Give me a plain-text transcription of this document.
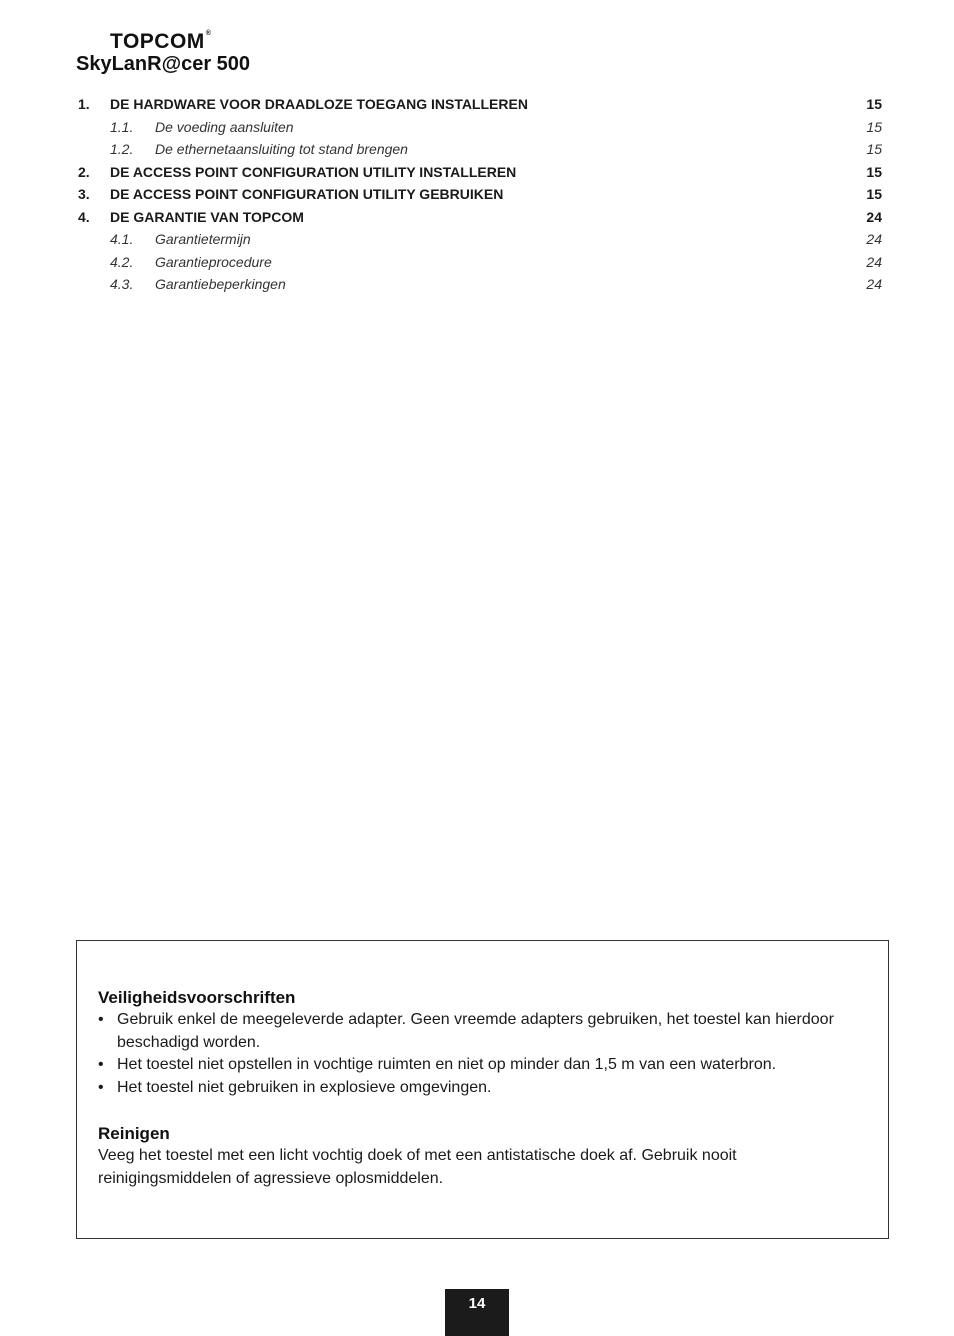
TOPCOM®
SkyLanR@cer 500
1. DE HARDWARE VOOR DRAADLOZE TOEGANG INSTALLEREN	15
1.1. De voeding aansluiten	15
1.2. De ethernetaansluiting tot stand brengen	15
2. DE ACCESS POINT CONFIGURATION UTILITY INSTALLEREN	15
3. DE ACCESS POINT CONFIGURATION UTILITY GEBRUIKEN	15
4. DE GARANTIE VAN TOPCOM	24
4.1. Garantietermijn	24
4.2. Garantieprocedure	24
4.3. Garantiebeperkingen	24
Veiligheidsvoorschriften
• Gebruik enkel de meegeleverde adapter. Geen vreemde adapters gebruiken, het toestel kan hierdoor beschadigd worden.
• Het toestel niet opstellen in vochtige ruimten en niet op minder dan 1,5 m van een waterbron.
• Het toestel niet gebruiken in explosieve omgevingen.
Reinigen

Veeg het toestel met een licht vochtig doek of met een antistatische doek af. Gebruik nooit reinigingsmiddelen of agressieve oplosmiddelen.

14
